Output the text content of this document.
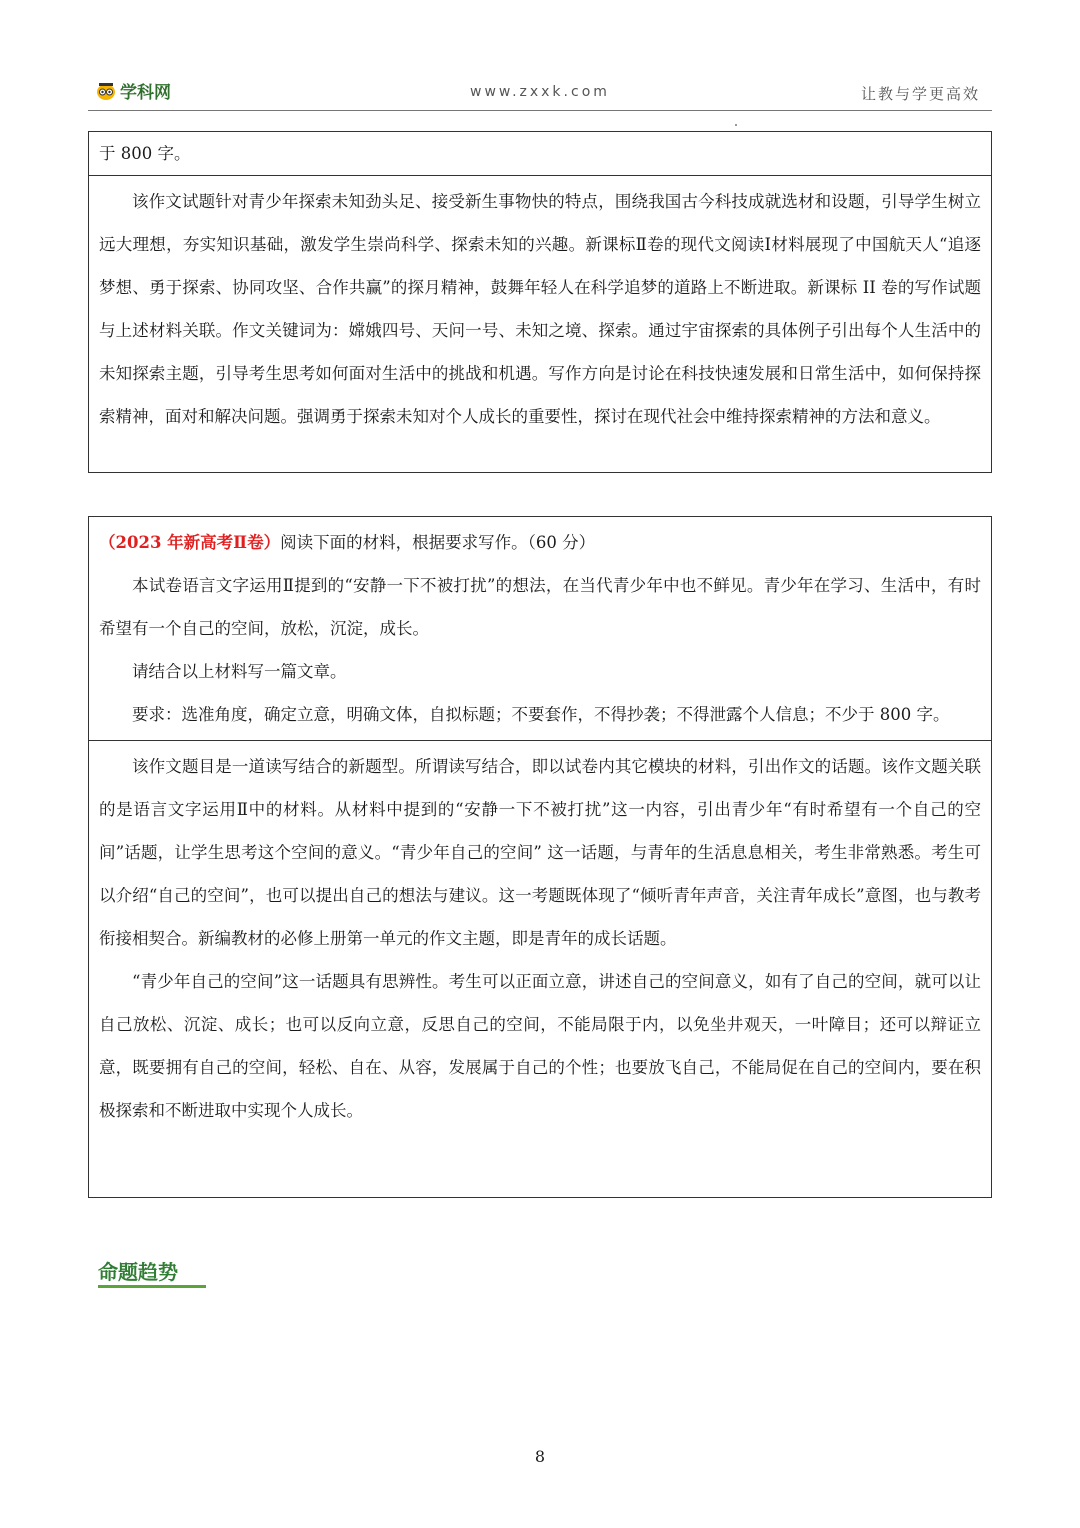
学科网	www.zxxk.com	让教与学更高效

于 800 字。

该作文试题针对青少年探索未知劲头足、接受新生事物快的特点，围绕我国古今科技成就选材和设题，引导学生树立远大理想，夯实知识基础，激发学生崇尚科学、探索未知的兴趣。新课标Ⅱ卷的现代文阅读Ⅰ材料展现了中国航天人“追逐梦想、勇于探索、协同攻坚、合作共赢”的探月精神，鼓舞年轻人在科学追梦的道路上不断进取。新课标 II 卷的写作试题与上述材料关联。作文关键词为：嫦娥四号、天问一号、未知之境、探索。通过宇宙探索的具体例子引出每个人生活中的未知探索主题，引导考生思考如何面对生活中的挑战和机遇。写作方向是讨论在科技快速发展和日常生活中，如何保持探索精神，面对和解决问题。强调勇于探索未知对个人成长的重要性，探讨在现代社会中维持探索精神的方法和意义。

（2023 年新高考Ⅱ卷）阅读下面的材料，根据要求写作。（60 分）

本试卷语言文字运用Ⅱ提到的“安静一下不被打扰”的想法，在当代青少年中也不鲜见。青少年在学习、生活中，有时希望有一个自己的空间，放松，沉淀，成长。

请结合以上材料写一篇文章。

要求：选准角度，确定立意，明确文体，自拟标题；不要套作，不得抄袭；不得泄露个人信息；不少于 800 字。

该作文题目是一道读写结合的新题型。所谓读写结合，即以试卷内其它模块的材料，引出作文的话题。该作文题关联的是语言文字运用Ⅱ中的材料。从材料中提到的“安静一下不被打扰”这一内容，引出青少年“有时希望有一个自己的空间”话题，让学生思考这个空间的意义。“青少年自己的空间” 这一话题，与青年的生活息息相关，考生非常熟悉。考生可以介绍“自己的空间”，也可以提出自己的想法与建议。这一考题既体现了“倾听青年声音，关注青年成长”意图，也与教考衔接相契合。新编教材的必修上册第一单元的作文主题，即是青年的成长话题。

“青少年自己的空间”这一话题具有思辨性。考生可以正面立意，讲述自己的空间意义，如有了自己的空间，就可以让自己放松、沉淀、成长；也可以反向立意，反思自己的空间，不能局限于内，以免坐井观天，一叶障目；还可以辩证立意，既要拥有自己的空间，轻松、自在、从容，发展属于自己的个性；也要放飞自己，不能局促在自己的空间内，要在积极探索和不断进取中实现个人成长。

命题趋势
8
